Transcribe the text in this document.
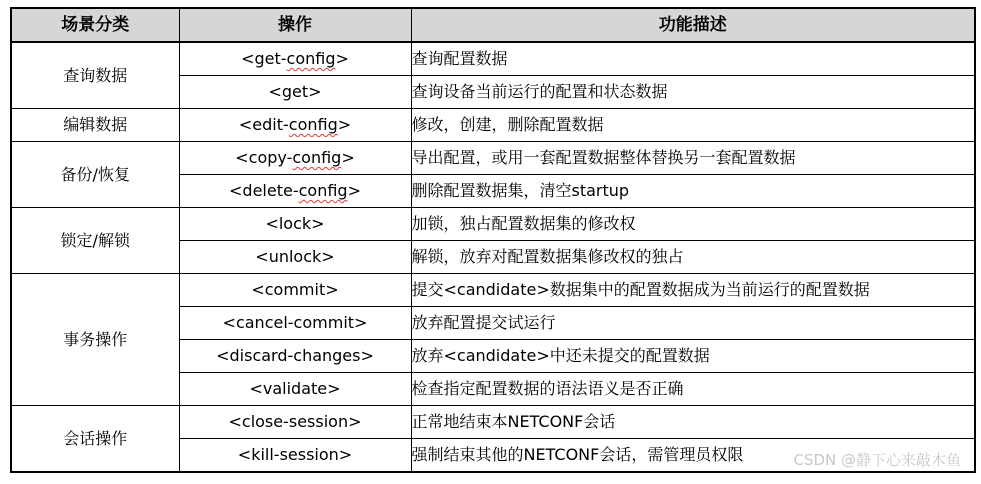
场景分类	操作	功能描述
查询数据	<get-config>	查询配置数据
	<get>	查询设备当前运行的配置和状态数据
编辑数据	<edit-config>	修改，创建，删除配置数据
备份/恢复	<copy-config>	导出配置，或用一套配置数据整体替换另一套配置数据
	<delete-config>	删除配置数据集，清空startup
锁定/解锁	<lock>	加锁，独占配置数据集的修改权
	<unlock>	解锁，放弃对配置数据集修改权的独占
事务操作	<commit>	提交<candidate>数据集中的配置数据成为当前运行的配置数据
	<cancel-commit>	放弃配置提交试运行
	<discard-changes>	放弃<candidate>中还未提交的配置数据
	<validate>	检查指定配置数据的语法语义是否正确
会话操作	<close-session>	正常地结束本NETCONF会话
	<kill-session>	强制结束其他的NETCONF会话，需管理员权限	CSDN @静下心来敲木鱼
